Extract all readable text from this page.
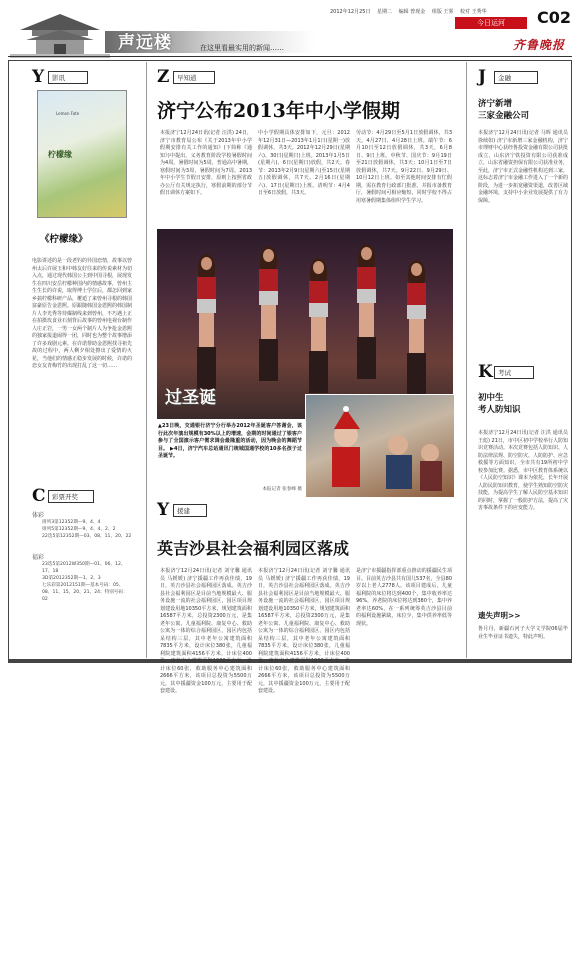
声远楼	在这里看最实用的新闻……
2012年12月25日 星期二 编辑 曾现金 组版 王雾 校对 王秀华
今日运河	C02
齐鲁晚报
Y	影讯
Lemon Fate
柠檬缘
《柠檬缘》
电影讲述的是一段老钓的异国恋情，故事以曾州太后许展玉和中韩友好往来的传说素材为切入点，通过现代韩国公主到中国寻根，展现发生在四川安岳柠檬种国内的情感故事，曾州主生生长的许说，取得博士学位后，都怎回到家乡搞柠檬科研产品，邂逅了来曾州寻根的韩国富豪原告金恩熙。原跟随韩国金恩熙的韩国制片人李光秀等待爆制线来到曾州，不巧遇上正在拍摄玫食业石刻背后故事的曾州电视台制作人庄正岩，一男一女两个制片人为争抢金恩熙的独家报道闹得一团，同时也为整个故事增添了许多戏剧元素。在许诺帮助金恩熙找寻祖先故的过程中，两人剩夕相处擦出了爱情的火花，当他们的情感正稳步发展的时候，许诺的恋女友青梅竹的出现打乱了这一切……
C 彩票开奖
体彩
排列3第12352期—9、4、4
排列5第12352期—9、4、4、2、2
22选5第12352期—03、08、11、20、22
福彩
23选5第2012W350期—01、06、12、17、18
3D第2012352期—1、2、3
七乐彩第2012151期—基本号码：05、08、11、15、20、21、24；特别号码：02
Z	早知道
济宁公布2013年中小学假期
本报济宁12月24日讯(记者 汪洪) 24日，济宁市教育局公布《关于2013年中小学假期安排有关工作的通知》(下简称《通知》)中提出，义务教育阶段学校暑假时间为4周，暑假时间为5周，普通高中暑期，寒假时间为3周，暑假时间为7周。2013年中小学生节假日安排，原则上按照省政办公厅有关规定执行，寒假前期的部分节假日调休方案如下。
中小学假期具体安排如下，元旦：2012年12月31日—2013年1月1日(星期一)放假调休，共3天。2012年12月29日(星期六)、30日(星期日)上班。2013年1月5日(星期六)、6日(星期日)放假，共2天。春节：2013年2月9日(星期六)至15日(星期五)放假调休，共7天。2月16日(星期六)、17日(星期日)上班。清明节：4月4日至6日放假，共3天。
劳动节：4月29日至5月1日放假调休，共3天。4月27日、4月28日上班。端午节：6月10日至12日放假调休，共3天，6月8日、9日上班。中秋节、国庆节：9月19日至21日放假调休，共3天；10月1日至7日放假调休，共7天。9月22日、9月29日、10月12日上班。如至其他时间安排有忙假期，需在教育行政部门批准，并报市备教育厅，暑假时间可相应缩短，同时学校不得占用寒暑假期集体组织学生学习。
过圣诞
▲23日晚，交通银行济宁分行举办2012年圣诞客户答谢会，该行此次年演出规模有30%以上的增速，会期的时间通过了银客户参与了全国演示客户需求调会最隆重的活动，因为晚会的舞蹈节目。 ▶4日，济宁汽车总站通讯门统城国通学校的10多名孩子过圣诞节。
本报记者 张春峰 摄
Y	援建
英吉沙县社会福利园区落成
本报济宁12月24日讯(记者 刘守馨 通讯员 马媛媛) 济宁援疆工作再获佳绩，19日，英吉沙县社会福利园区落成。英吉沙县社会福利园区是目前当地规模最大、服务设施一流的社会福利园区，园区项目规划建设用地10350平方米，规划建筑面积16587平方米，总投资2300万元，是集老年公寓、儿童福利院、康复中心、救助公寓为一体的综合福利园区，园区内包括呆结构三层，其中老年公寓建筑面积7835平方米，设计床位380张，儿童福利院建筑面积4156平方米，计床位400张，康复中心建筑面积1930平方米，设计床位60张，救助服务中心建筑面积2666平方米，该项目总投资为5500万元，其中援疆资金100万元，主要用于配套建设。
本报济宁12月24日讯(记者 刘守馨 通讯员 马媛媛) 济宁援疆工作再获佳绩，19日，英吉沙县社会福利园区落成。英吉沙县社会福利园区是目前当地规模最大、服务设施一流的社会福利园区，园区项目规划建设用地10350平方米，规划建筑面积16587平方米，总投资2300万元，是集老年公寓、儿童福利院、康复中心、救助公寓为一体的综合福利园区，园区内包括呆结构三层，其中老年公寓建筑面积7835平方米，设计床位380张，儿童福利院建筑面积4156平方米，计床位400张，康复中心建筑面积1930平方米，设计床位60张，救助服务中心建筑面积2666平方米，该项目总投资为5500万元，其中援疆资金100万元，主要用于配套建设。
是济宁市援疆指挥部重点推动的援疆民生项目。目前英吉沙县共有国儿537名，全县80岁以上老人2778人。该项目建成后，儿童福利院的床位将达到400个，集中收养率达96%，养老院的床位将达到380个，集中养老率达60%，在一系列统筹英吉沙县目前的福利设施紧缺，床位少，集中供养率低等现状。
J	金融
济宁新增
三家金融公司
本报济宁12月24日讯(记者 马辉 通讯员 徐续如) 济宁市新增三家金融机构，济宁市理财中心获经鲁投资金融有限公司获批成立，山东济宁铁投资有限公司获准成立，山东省融资担保有限公司获准业务，至此，济宁市正式金融性机构达到三家，这标志着济宁市金融工作进入了一个新的阶段，为进一步拓宽融资渠道，改善区域金融环境，支持中小企业发展提供了有力保障。
K 考试
初中生
考人防知识
本报济宁12月24日讯(记者 汪洪 通讯员 王彪) 21日，市中区初中学校举行人防知识竞赛活动。本次竞赛包括人防知识、人防法律法规、防空防灾、人防防护、应急救援等方面知识，全市共有19所初中学校参加比赛。据悉，市中区教育体系统以《人民防空知识》课本为依托，长年开展人防民防知识教育，使学生熟知防空防灾技能，为提高学生了解人民防空基本知识的同时，掌握了一般防护方法，提高了灾害事故条件下的应变能力。
遗失声明>>
鲁月丹，新疆石河子大学文学院06届毕业生毕业证书遗失，特此声明。
